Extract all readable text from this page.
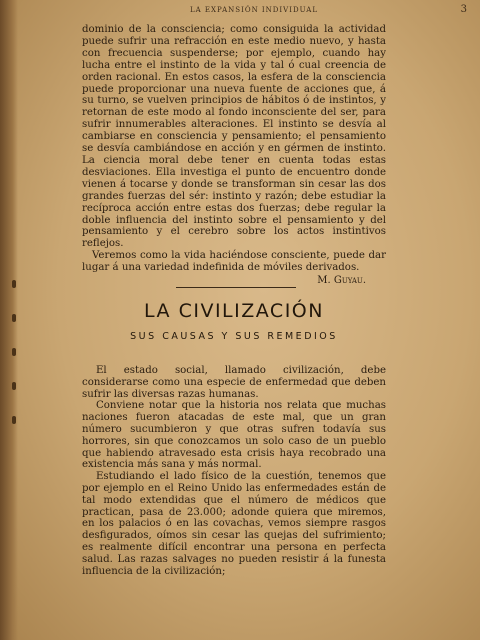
LA EXPANSIÓN INDIVIDUAL	3

dominio de la consciencia; como consiguida la actividad puede sufrir una refracción en este medio nuevo, y hasta con frecuencia suspenderse; por ejemplo, cuando hay lucha entre el instinto de la vida y tal ó cual creencia de orden racional. En estos casos, la esfera de la consciencia puede proporcionar una nueva fuente de acciones que, á su turno, se vuelven principios de hábitos ó de instintos, y retornan de este modo al fondo inconsciente del ser, para sufrir innumerables alteraciones. El instinto se desvía al cambiarse en consciencia y pensamiento; el pensamiento se desvía cambiándose en acción y en gérmen de instinto. La ciencia moral debe tener en cuenta todas estas desviaciones. Ella investiga el punto de encuentro donde vienen á tocarse y donde se transforman sin cesar las dos grandes fuerzas del sér: instinto y razón; debe estudiar la recíproca acción entre estas dos fuerzas; debe regular la doble influencia del instinto sobre el pensamiento y del pensamiento y el cerebro sobre los actos instintivos reflejos.

Veremos como la vida haciéndose consciente, puede dar lugar á una variedad indefinida de móviles derivados.

M. Guyau.
LA CIVILIZACIÓN
SUS CAUSAS Y SUS REMEDIOS

El estado social, llamado civilización, debe considerarse como una especie de enfermedad que deben sufrir las diversas razas humanas.

Conviene notar que la historia nos relata que muchas naciones fueron atacadas de este mal, que un gran número sucumbieron y que otras sufren todavía sus horrores, sin que conozcamos un solo caso de un pueblo que habiendo atravesado esta crisis haya recobrado una existencia más sana y más normal.

Estudiando el lado físico de la cuestión, tenemos que por ejemplo en el Reino Unido las enfermedades están de tal modo extendidas que el número de médicos que practican, pasa de 23.000; adonde quiera que miremos, en los palacios ó en las covachas, vemos siempre rasgos desfigurados, oímos sin cesar las quejas del sufrimiento; es realmente difícil encontrar una persona en perfecta salud. Las razas salvages no pueden resistir á la funesta influencia de la civilización;
